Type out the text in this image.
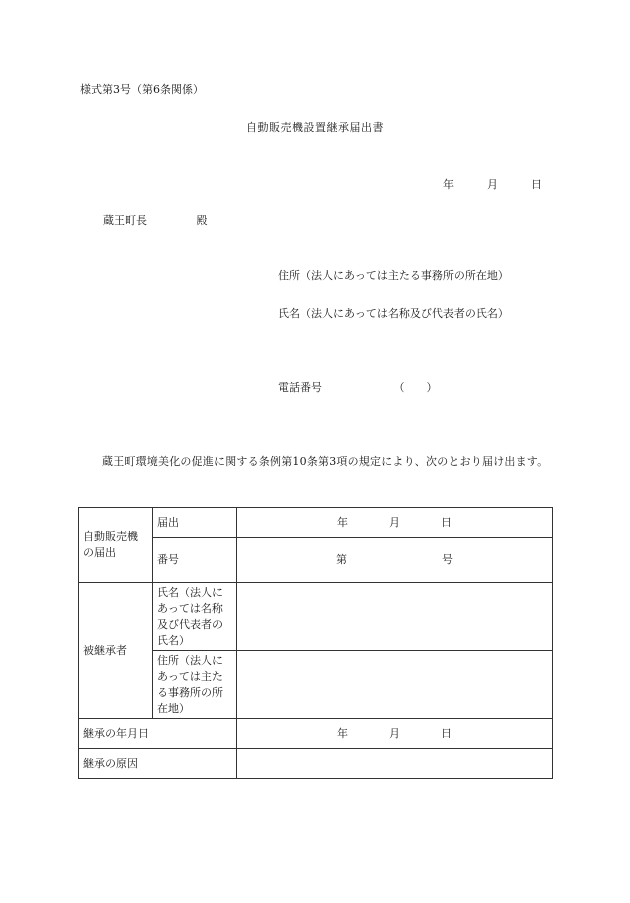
様式第3号（第6条関係）
自動販売機設置継承届出書
年	月	日
蔵王町長	殿
住所（法人にあっては主たる事務所の所在地）
氏名（法人にあっては名称及び代表者の氏名）
電話番号	（　　）
蔵王町環境美化の促進に関する条例第10条第3項の規定により、次のとおり届け出ます。
自動販売機の届出	届出	年 月 日
	番号	第 号
被継承者	氏名（法人にあっては名称及び代表者の氏名）	
	住所（法人にあっては主たる事務所の所在地）	
継承の年月日		年 月 日
継承の原因		
